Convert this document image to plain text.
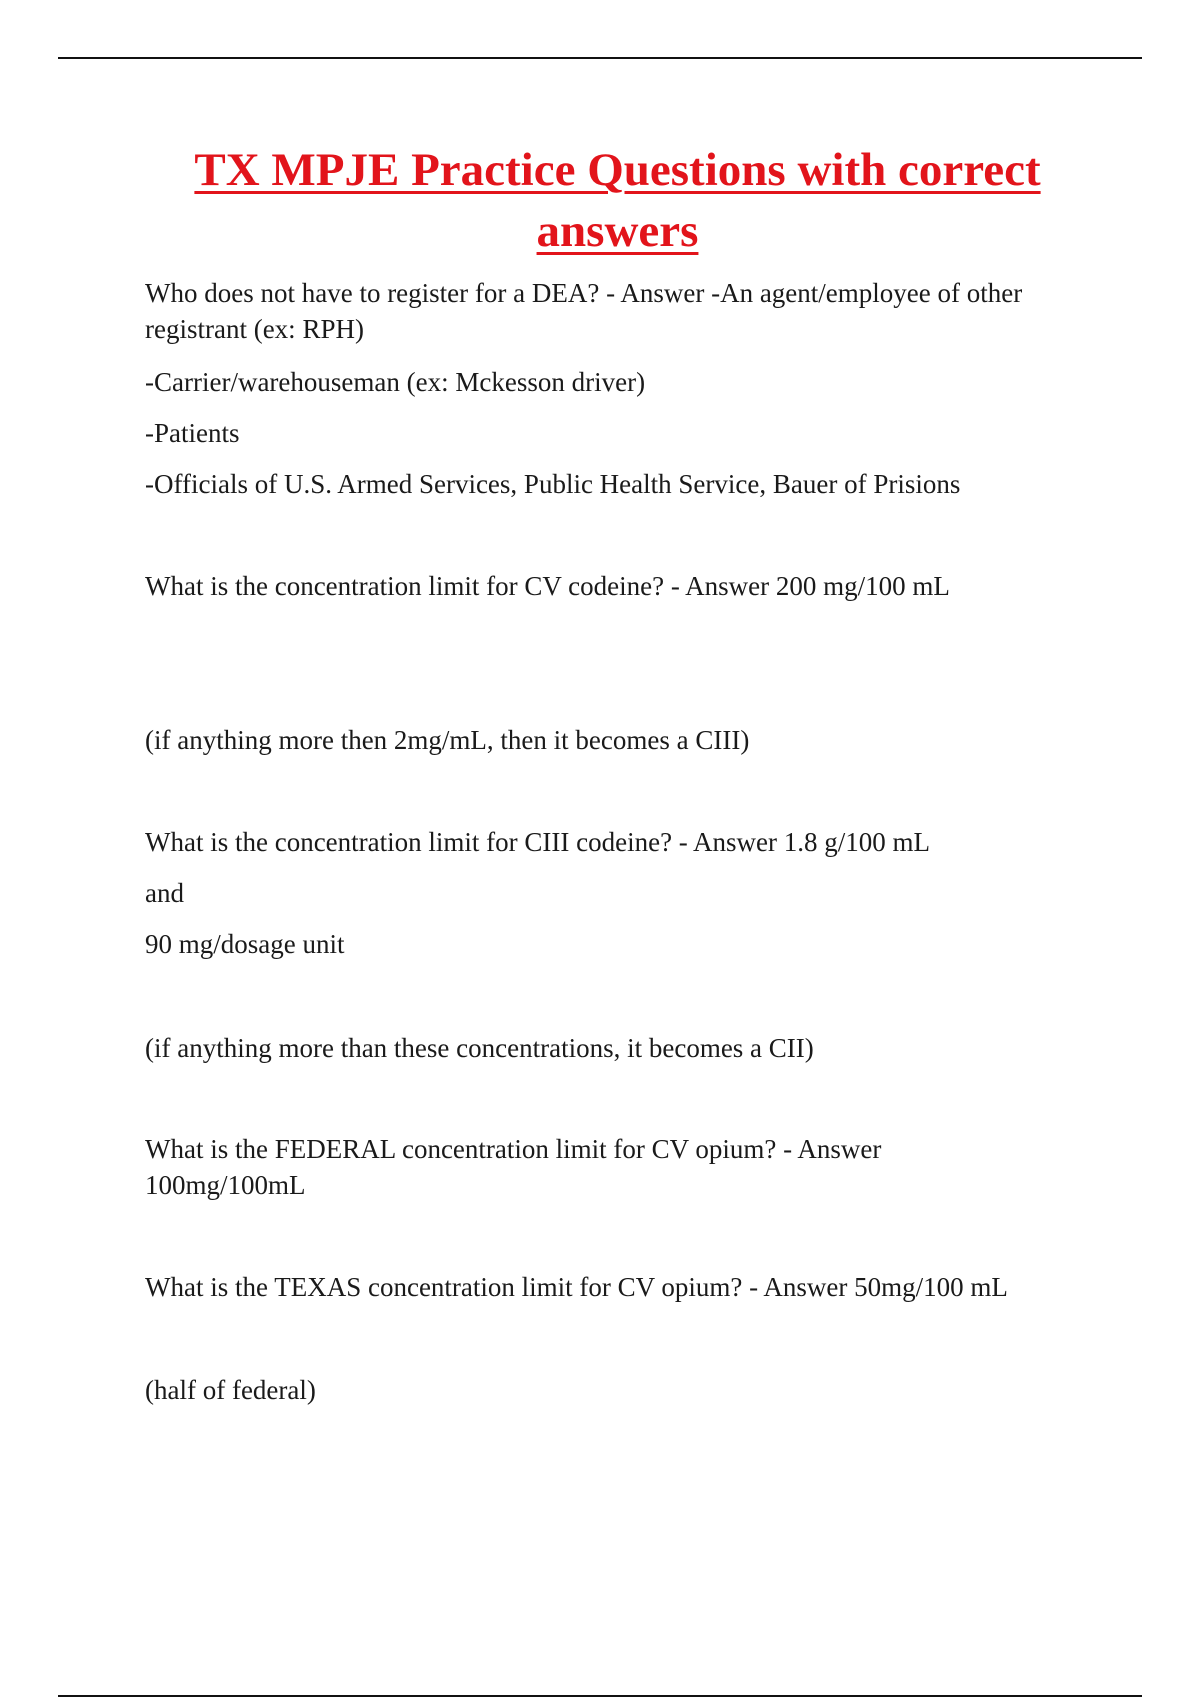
TX MPJE Practice Questions with correct answers

Who does not have to register for a DEA? - Answer -An agent/employee of other registrant (ex: RPH)

-Carrier/warehouseman (ex: Mckesson driver)

-Patients

-Officials of U.S. Armed Services, Public Health Service, Bauer of Prisions

What is the concentration limit for CV codeine? - Answer 200 mg/100 mL

(if anything more then 2mg/mL, then it becomes a CIII)

What is the concentration limit for CIII codeine? - Answer 1.8 g/100 mL

and

90 mg/dosage unit

(if anything more than these concentrations, it becomes a CII)

What is the FEDERAL concentration limit for CV opium? - Answer 100mg/100mL

What is the TEXAS concentration limit for CV opium? - Answer 50mg/100 mL

(half of federal)
